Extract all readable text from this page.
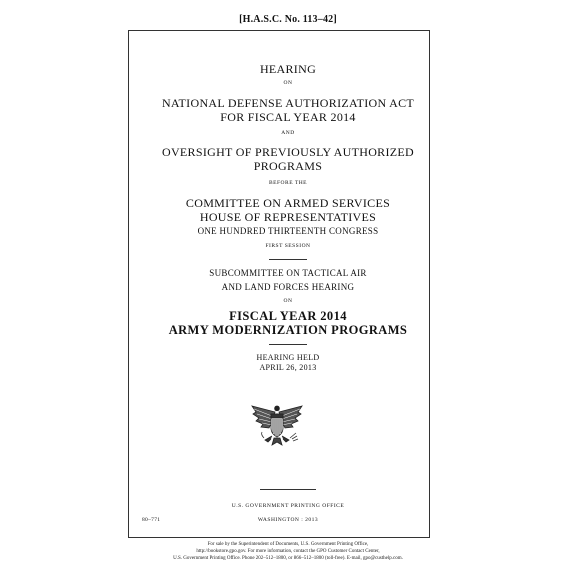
[H.A.S.C. No. 113–42]
HEARING
ON
NATIONAL DEFENSE AUTHORIZATION ACT
FOR FISCAL YEAR 2014
AND
OVERSIGHT OF PREVIOUSLY AUTHORIZED
PROGRAMS
BEFORE THE
COMMITTEE ON ARMED SERVICES
HOUSE OF REPRESENTATIVES
ONE HUNDRED THIRTEENTH CONGRESS
FIRST SESSION
SUBCOMMITTEE ON TACTICAL AIR
AND LAND FORCES HEARING
ON
FISCAL YEAR 2014
ARMY MODERNIZATION PROGRAMS
HEARING HELD
APRIL 26, 2013
U.S. GOVERNMENT PRINTING OFFICE
80–771	WASHINGTON : 2013
For sale by the Superintendent of Documents, U.S. Government Printing Office,
http://bookstore.gpo.gov. For more information, contact the GPO Customer Contact Center,
U.S. Government Printing Office. Phone 202–512–1800, or 866–512–1800 (toll-free). E-mail, gpo@custhelp.com.
